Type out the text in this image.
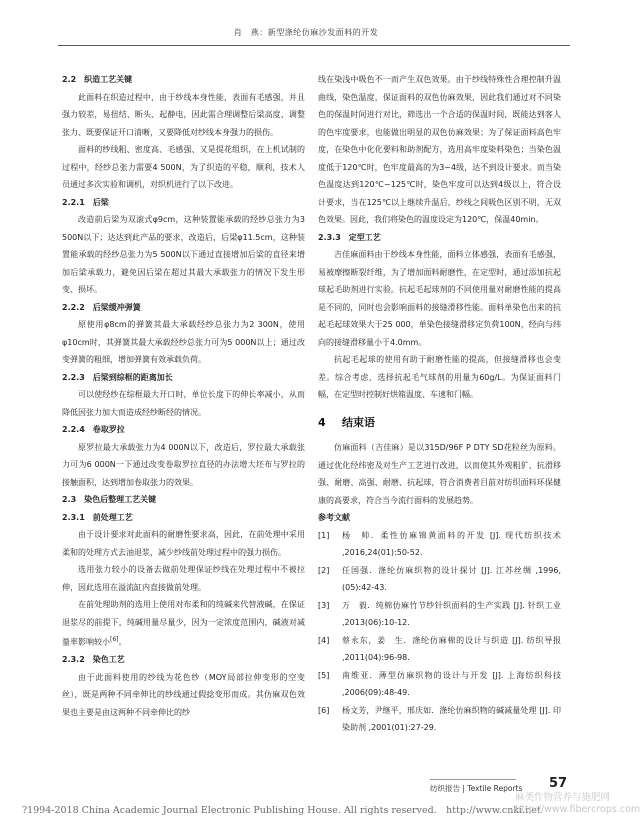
肖　燕：新型涤纶仿麻沙发面料的开发

2.2　织造工艺关键

此面料在织造过程中，由于纱线本身性能，表面有毛感强，并且强力较差，易扭结、断头、起静电，因此需合理调整后梁高度、调整张力、既要保证开口清晰，又要降低对纱线本身强力的损伤。

面料的纱线粗、密度高、毛感强、又是提花组织，在上机试制的过程中，经纱总张力需要4 500N，为了织造的平稳，顺利，技术人员通过多次实验和调机，对织机进行了以下改进。

2.2.1　后梁

改造前后梁为双滚式φ9cm，这种装置能承载的经纱总张力为3 500N以下；达达到此产品的要求，改造后，后梁φ11.5cm，这种装置能承载的经纱总张力为5 500N以下通过直接增加后梁的直径来增加后梁承载力，避免因后梁在超过其最大承载张力的情况下发生形变、损坏。

2.2.2　后梁缓冲弹簧

原使用φ8cm的弹簧其最大承载经纱总张力为2 300N，使用φ10cm时，其弹簧其最大承载经纱总张力可为5 000N以上；通过改变弹簧的粗细，增加弹簧有效承载负荷。

2.2.3　后梁到综框的距离加长

可以使经纱在综框最大开口时，单位长度下的伸长率减小，从而降低因张力加大而造成经纱断经的情况。

2.2.4　卷取罗拉

原罗拉最大承载张力为4 000N以下，改造后，罗拉最大承载张力可为6 000N一下通过改变卷取罗拉直径的办法增大坯布与罗拉的接触面积，达到增加卷取张力的效果。

2.3　染色后整理工艺关键

2.3.1　前处理工艺

由于设计要求对此面料的耐磨性要求高，因此，在前处理中采用柔和的处理方式去油退浆，减少纱线前处理过程中的强力损伤。

选用张力较小的设备去做前处理保证纱线在处理过程中不被拉伸，因此选用在溢流缸内直接做前处理。

在前处理助剂的选用上使用对布柔和的纯碱来代替液碱，在保证退浆尽的前提下，纯碱用量尽量少，因为一定浓度范围内，碱液对减量率影响较小[6]。

2.3.2　染色工艺

由于此面料使用的纱线为花色纱（MOY局部拉伸变形的空变丝），既是两种不同牵伸比的纱线通过假捻变形而成。其仿麻双色效果也主要是由这两种不同牵伸比的纱

线在染浅中吸色不一而产生双色效果。由于纱线特殊性合理控制升温曲线，染色温度，保证面料的双色仿麻效果，因此我们通过对不同染色的保温时间进行对比，筛选出一个合适的保温时间，既能达到客人的色牢度要求，也能做出明显的双色仿麻效果；为了保证面料高色牢度，在染色中化化要料和助剂配方，选用高牢度染料染色；当染色温度低于120℃时，色牢度最高的为3~4级，达不到设计要求。而当染色温度达到120℃~125℃时，染色牢度可以达到4级以上，符合设计要求，当在125℃以上继续升温后，纱线之间吸色区别不明，无双色效果。因此，我们将染色的温度设定为120℃，保温40min。

2.3.3　定型工艺

吉佳麻面料由于纱线本身性能，面料立体感强，表面有毛感强，易被摩擦断裂纤维，为了增加面料耐磨性，在定型时，通过添加抗起球起毛助剂进行实验。抗起毛起球剂的不同使用量对耐磨性能的提高是不同的，同时也会影响面料的接缝滑移性能。面料单染色出来的抗起毛起球效果大于25 000，单染色接缝滑移定负荷100N，经向与纬向的接缝滑移量小于4.0mm。

抗起毛起球的使用有助于耐磨性能的提高，但接缝滑移也会变差。综合考虑，选择抗起毛气球剂的用量为60g/L。为保证面料门幅，在定型时控制好烘箱温度、车速和门幅。

4 结束语

仿麻面料（吉佳麻）是以315D/96F P DTY SD花粒丝为原料。通过优化经纬密及对生产工艺进行改进，以而使其外观粗犷、抗滑移强、耐磨、高强、耐磨、抗起球，符合消费者目前对纺织面料环保健康的高要求，符合当今流行面料的发展趋势。

参考文献

[1]	杨　帅．柔性仿麻锦黄面料的开发 [J]. 现代纺织技术 ,2016,24(01):50-52.
[2]	任国强．涤纶仿麻织物的设计探讨 [J]. 江苏丝绸 ,1996,(05):42-43.
[3]	万　毅．纯棉仿麻竹节纱针织面料的生产实践 [J]. 针织工业 ,2013(06):10-12.
[4]	蔡永东，姜　生．涤纶仿麻棉的设计与织造 [J]. 纺织导报 ,2011(04):96-98.
[5]	南维亚．薄型仿麻织物的设计与开发 [J]. 上海纺织科技 ,2006(09):48-49.
[6]	杨文芳，尹继平，邢庆如．涤纶仿麻织物的碱减量处理 [J]. 印染助剂 ,2001(01):27-29.
纺织报告 | Textile Reports 57
?1994-2018 China Academic Journal Electronic Publishing House. All rights reserved.　http://www.cnki.net
麻类作物营养与施肥网
http://www.fibercrops.com
